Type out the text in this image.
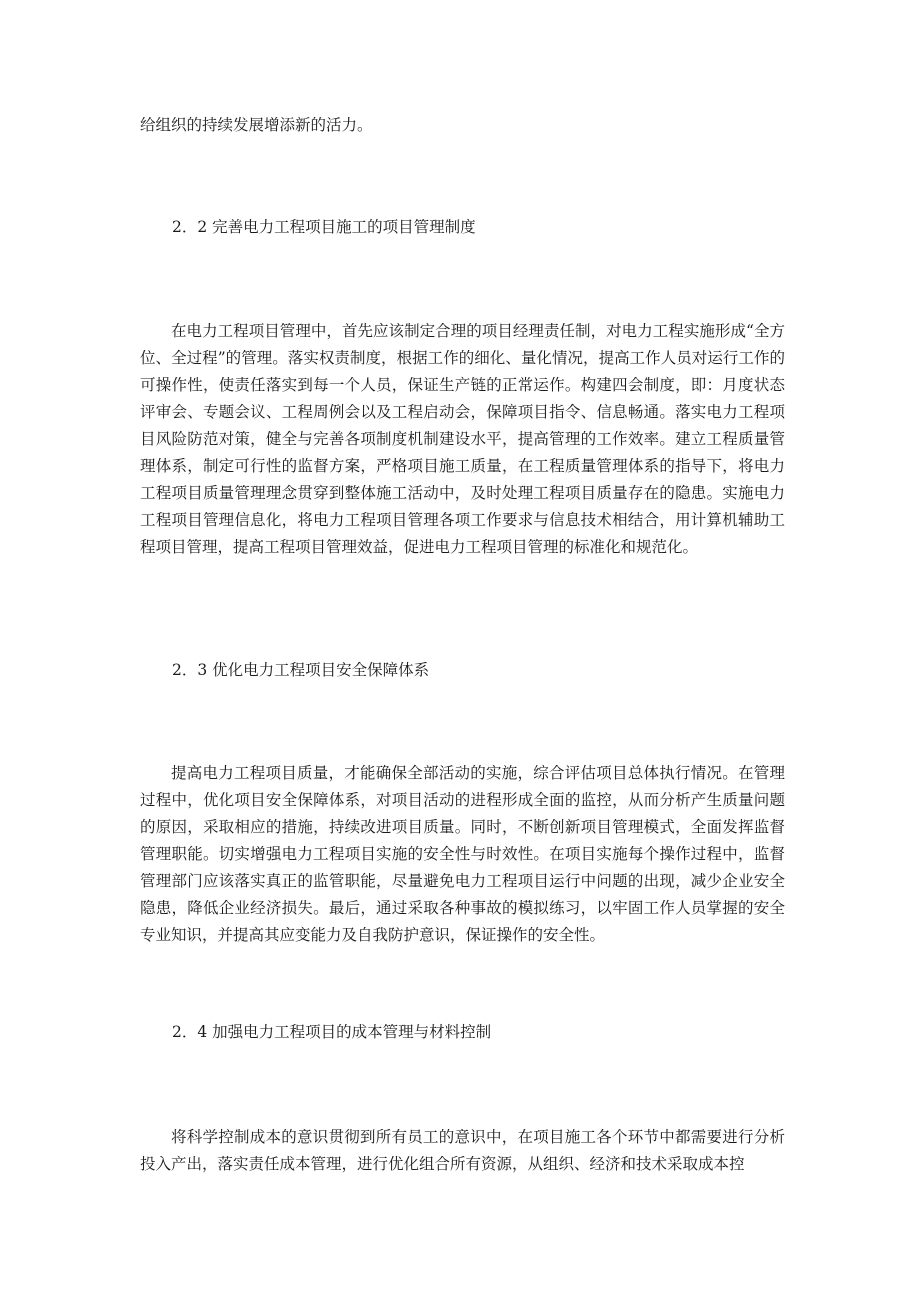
给组织的持续发展增添新的活力。

2．2 完善电力工程项目施工的项目管理制度

在电力工程项目管理中，首先应该制定合理的项目经理责任制，对电力工程实施形成“全方位、全过程”的管理。落实权责制度，根据工作的细化、量化情况，提高工作人员对运行工作的可操作性，使责任落实到每一个人员，保证生产链的正常运作。构建四会制度，即：月度状态评审会、专题会议、工程周例会以及工程启动会，保障项目指令、信息畅通。落实电力工程项目风险防范对策，健全与完善各项制度机制建设水平，提高管理的工作效率。建立工程质量管理体系，制定可行性的监督方案，严格项目施工质量，在工程质量管理体系的指导下，将电力工程项目质量管理理念贯穿到整体施工活动中，及时处理工程项目质量存在的隐患。实施电力工程项目管理信息化，将电力工程项目管理各项工作要求与信息技术相结合，用计算机辅助工程项目管理，提高工程项目管理效益，促进电力工程项目管理的标准化和规范化。

2．3 优化电力工程项目安全保障体系

提高电力工程项目质量，才能确保全部活动的实施，综合评估项目总体执行情况。在管理过程中，优化项目安全保障体系，对项目活动的进程形成全面的监控，从而分析产生质量问题的原因，采取相应的措施，持续改进项目质量。同时，不断创新项目管理模式，全面发挥监督管理职能。切实增强电力工程项目实施的安全性与时效性。在项目实施每个操作过程中，监督管理部门应该落实真正的监管职能，尽量避免电力工程项目运行中问题的出现，减少企业安全隐患，降低企业经济损失。最后，通过采取各种事故的模拟练习，以牢固工作人员掌握的安全专业知识，并提高其应变能力及自我防护意识，保证操作的安全性。

2．4 加强电力工程项目的成本管理与材料控制

将科学控制成本的意识贯彻到所有员工的意识中，在项目施工各个环节中都需要进行分析投入产出，落实责任成本管理，进行优化组合所有资源，从组织、经济和技术采取成本控
